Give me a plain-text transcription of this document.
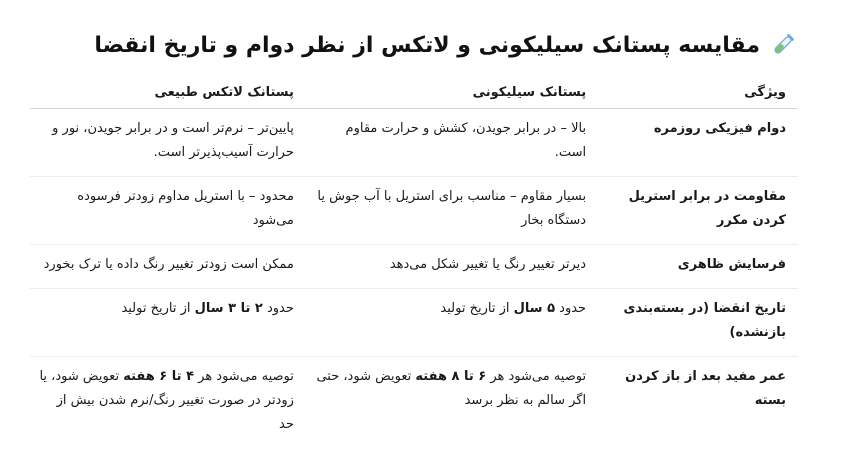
مقایسه پستانک سیلیکونی و لاتکس از نظر دوام و تاریخ انقضا
ویژگی	پستانک سیلیکونی	پستانک لاتکس طبیعی
دوام فیزیکی روزمره	بالا – در برابر جویدن، کشش و حرارت مقاوم است.	پایین‌تر – نرم‌تر است و در برابر جویدن، نور و حرارت آسیب‌پذیرتر است.
مقاومت در برابر استریل کردن مکرر	بسیار مقاوم – مناسب برای استریل با آب جوش یا دستگاه بخار	محدود – با استریل مداوم زودتر فرسوده می‌شود
فرسایش ظاهری	دیرتر تغییر رنگ یا تغییر شکل می‌دهد	ممکن است زودتر تغییر رنگ داده یا ترک بخورد
تاریخ انقضا (در بسته‌بندی بازنشده)	حدود ۵ سال از تاریخ تولید	حدود ۲ تا ۳ سال از تاریخ تولید
عمر مفید بعد از باز کردن بسته	توصیه می‌شود هر ۶ تا ۸ هفته تعویض شود، حتی اگر سالم به نظر برسد	توصیه می‌شود هر ۴ تا ۶ هفته تعویض شود، یا زودتر در صورت تغییر رنگ/نرم شدن بیش از حد
